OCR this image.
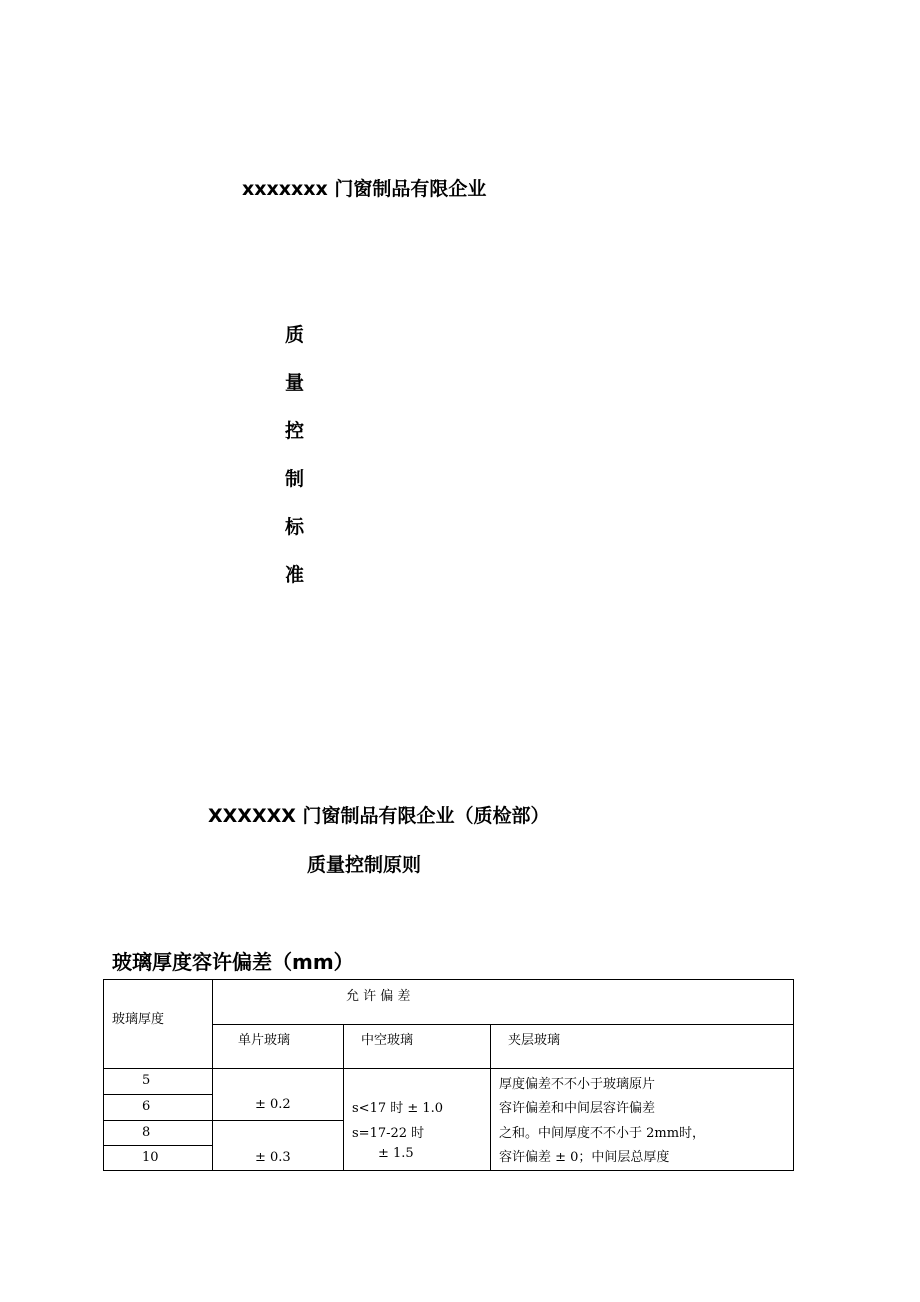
xxxxxxx 门窗制品有限企业
质
量
控
制
标
准
XXXXXX 门窗制品有限企业（质检部）
质量控制原则
玻璃厚度容许偏差（mm）
玻璃厚度
允 许 偏 差
单片玻璃	中空玻璃	夹层玻璃
5
6
8
10
± 0.2
± 0.3
s<17 时 ± 1.0
s=17-22 时
± 1.5
厚度偏差不不小于玻璃原片
容许偏差和中间层容许偏差
之和。中间厚度不不小于 2mm时，
容许偏差 ± 0；中间层总厚度
